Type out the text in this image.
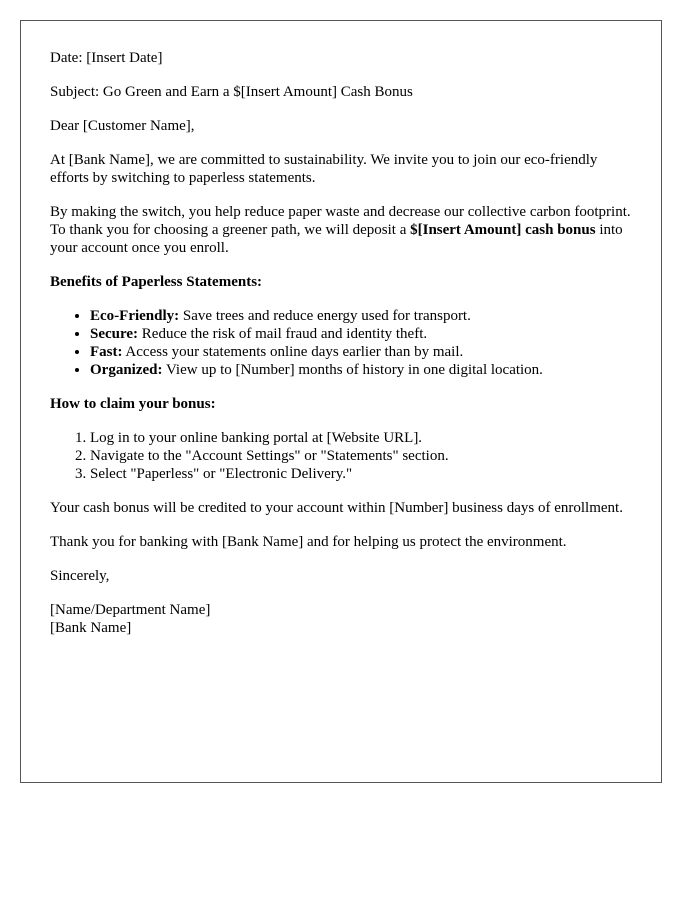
Date: [Insert Date]

Subject: Go Green and Earn a $[Insert Amount] Cash Bonus

Dear [Customer Name],

At [Bank Name], we are committed to sustainability. We invite you to join our eco-friendly efforts by switching to paperless statements.

By making the switch, you help reduce paper waste and decrease our collective carbon footprint. To thank you for choosing a greener path, we will deposit a $[Insert Amount] cash bonus into your account once you enroll.

Benefits of Paperless Statements:

• Eco-Friendly: Save trees and reduce energy used for transport.
• Secure: Reduce the risk of mail fraud and identity theft.
• Fast: Access your statements online days earlier than by mail.
• Organized: View up to [Number] months of history in one digital location.

How to claim your bonus:

1. Log in to your online banking portal at [Website URL].
2. Navigate to the "Account Settings" or "Statements" section.
3. Select "Paperless" or "Electronic Delivery."

Your cash bonus will be credited to your account within [Number] business days of enrollment.

Thank you for banking with [Bank Name] and for helping us protect the environment.

Sincerely,

[Name/Department Name]
[Bank Name]
